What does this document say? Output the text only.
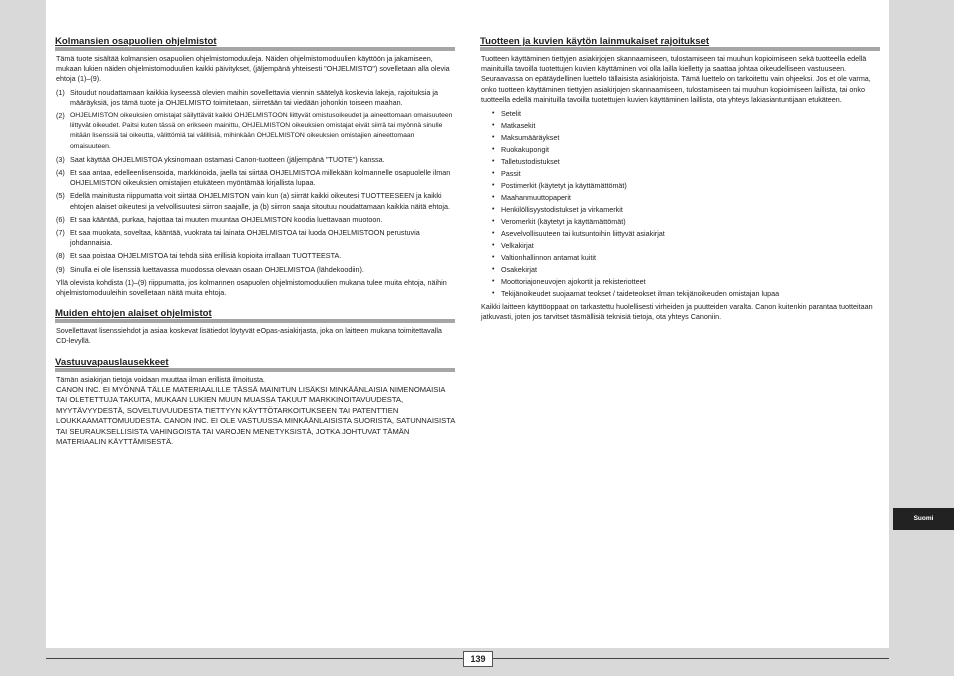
Kolmansien osapuolien ohjelmistot
Tämä tuote sisältää kolmansien osapuolien ohjelmistomoduuleja. Näiden ohjelmistomoduulien käyttöön ja jakamiseen, mukaan lukien näiden ohjelmistomoduulien kaikki päivitykset, (jäljempänä yhteisesti "OHJELMISTO") sovelletaan alla olevia ehtoja (1)–(9).
(1) Sitoudut noudattamaan kaikkia kyseessä olevien maihin sovellettavia viennin säätelyä koskevia lakeja, rajoituksia ja määräyksiä, jos tämä tuote ja OHJELMISTO toimitetaan, siirretään tai viedään johonkin toiseen maahan.
(2) OHJELMISTON oikeuksien omistajat säilyttävät kaikki OHJELMISTOON liittyvät omistusoikeudet ja aineettomaan omaisuuteen liittyvät oikeudet. Paitsi kuten tässä on erikseen mainittu, OHJELMISTON oikeuksien omistajat eivät siirrä tai myönnä sinulle mitään lisenssiä tai oikeutta, välittömiä tai välillisiä, mihinkään OHJELMISTON oikeuksien omistajien aineettomaan omaisuuteen.
(3) Saat käyttää OHJELMISTOA yksinomaan ostamasi Canon-tuotteen (jäljempänä "TUOTE") kanssa.
(4) Et saa antaa, edelleenlisensoida, markkinoida, jaella tai siirtää OHJELMISTOA millekään kolmannelle osapuolelle ilman OHJELMISTON oikeuksien omistajien etukäteen myöntämää kirjallista lupaa.
(5) Edellä mainitusta riippumatta voit siirtää OHJELMISTON vain kun (a) siirrät kaikki oikeutesi TUOTTEESEEN ja kaikki ehtojen alaiset oikeutesi ja velvollisuutesi siirron saajalle, ja (b) siirron saaja sitoutuu noudattamaan kaikkia näitä ehtoja.
(6) Et saa kääntää, purkaa, hajottaa tai muuten muuntaa OHJELMISTON koodia luettavaan muotoon.
(7) Et saa muokata, soveltaa, kääntää, vuokrata tai lainata OHJELMISTOA tai luoda OHJELMISTOON perustuvia johdannaisia.
(8) Et saa poistaa OHJELMISTOA tai tehdä siitä erillisiä kopioita irrallaan TUOTTEESTA.
(9) Sinulla ei ole lisenssiä luettavassa muodossa olevaan osaan OHJELMISTOA (lähdekoodiin).
Yllä olevista kohdista (1)–(9) riippumatta, jos kolmannen osapuolen ohjelmistomoduulien mukana tulee muita ehtoja, näihin ohjelmistomoduuleihin sovelletaan näitä muita ehtoja.
Muiden ehtojen alaiset ohjelmistot
Sovellettavat lisenssiehdot ja asiaa koskevat lisätiedot löytyvät eOpas-asiakirjasta, joka on laitteen mukana toimitettavalla CD-levyllä.
Vastuuvapauslausekkeet
Tämän asiakirjan tietoja voidaan muuttaa ilman erillistä ilmoitusta.
CANON INC. EI MYÖNNÄ TÄLLE MATERIAALILLE TÄSSÄ MAINITUN LISÄKSI MINKÄÄNLAISIA NIMENOMAISIA TAI OLETETTUJA TAKUITA, MUKAAN LUKIEN MUUN MUASSA TAKUUT MARKKINOITAVUUDESTA, MYYTÄVYYDESTÄ, SOVELTUVUUDESTA TIETTYYN KÄYTTÖTARKOITUKSEEN TAI PATENTTIEN LOUKKAAMATTOMUUDESTA. CANON INC. EI OLE VASTUUSSA MINKÄÄNLAISISTA SUORISTA, SATUNNAISISTA TAI SEURAUKSELLISISTA VAHINGOISTA TAI VAROJEN MENETYKSISTÄ, JOTKA JOHTUVAT TÄMÄN MATERIAALIN KÄYTTÄMISESTÄ.
Tuotteen ja kuvien käytön lainmukaiset rajoitukset
Tuotteen käyttäminen tiettyjen asiakirjojen skannaamiseen, tulostamiseen tai muuhun kopioimiseen sekä tuotteella edellä mainituilla tavoilla tuotettujen kuvien käyttäminen voi olla lailla kielletty ja saattaa johtaa oikeudelliseen vastuuseen. Seuraavassa on epätäydellinen luettelo tällaisista asiakirjoista. Tämä luettelo on tarkoitettu vain ohjeeksi. Jos et ole varma, onko tuotteen käyttäminen tiettyjen asiakirjojen skannaamiseen, tulostamiseen tai muuhun kopioimiseen laillista, tai onko tuotteella edellä mainituilla tavoilla tuotettujen kuvien käyttäminen laillista, ota yhteys lakiasiantuntijaan etukäteen.
• Setelit
• Matkasekit
• Maksumääräykset
• Ruokakupongit
• Talletustodistukset
• Passit
• Postimerkit (käytetyt ja käyttämättömät)
• Maahanmuuttopaperit
• Henkilöllisyystodistukset ja virkamerkit
• Veromerkit (käytetyt ja käyttämättömät)
• Asevelvollisuuteen tai kutsuntoihin liittyvät asiakirjat
• Velkakirjat
• Valtionhallinnon antamat kuitit
• Osakekirjat
• Moottoriajoneuvojen ajokortit ja rekisteriotteet
• Tekijänoikeudet suojaamat teokset / taideteokset ilman tekijänoikeuden omistajan lupaa
Kaikki laitteen käyttöoppaat on tarkastettu huolellisesti virheiden ja puutteiden varalta. Canon kuitenkin parantaa tuotteitaan jatkuvasti, joten jos tarvitset täsmällisiä teknisiä tietoja, ota yhteys Canoniin.
139
Suomi
